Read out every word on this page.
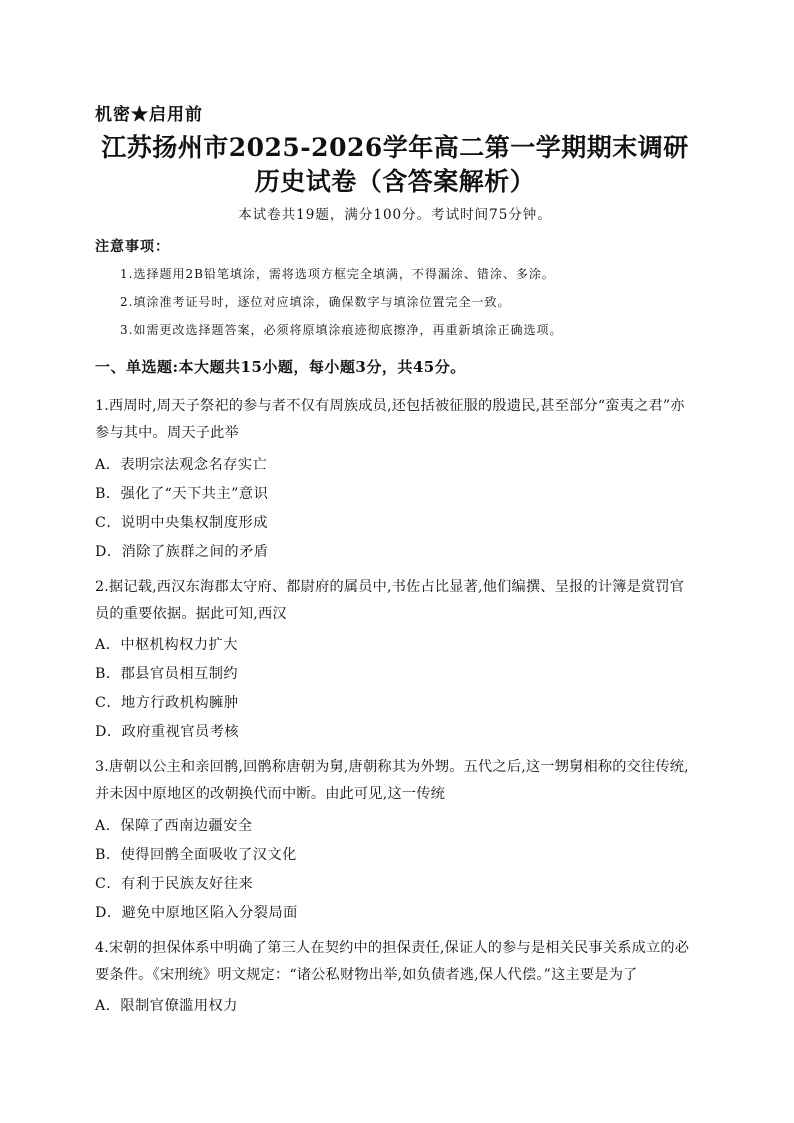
机密★启用前
江苏扬州市2025-2026学年高二第一学期期末调研历史试卷（含答案解析）
本试卷共19题，满分100分。考试时间75分钟。
注意事项：
1.选择题用2B铅笔填涂，需将选项方框完全填满，不得漏涂、错涂、多涂。
2.填涂准考证号时，逐位对应填涂，确保数字与填涂位置完全一致。
3.如需更改选择题答案，必须将原填涂痕迹彻底擦净，再重新填涂正确选项。
一、单选题:本大题共15小题，每小题3分，共45分。
1.西周时,周天子祭祀的参与者不仅有周族成员,还包括被征服的殷遗民,甚至部分“蛮夷之君”亦参与其中。周天子此举
A．表明宗法观念名存实亡
B．强化了“天下共主”意识
C．说明中央集权制度形成
D．消除了族群之间的矛盾
2.据记载,西汉东海郡太守府、都尉府的属员中,书佐占比显著,他们编撰、呈报的计簿是赏罚官员的重要依据。据此可知,西汉
A．中枢机构权力扩大
B．郡县官员相互制约
C．地方行政机构臃肿
D．政府重视官员考核
3.唐朝以公主和亲回鹘,回鹘称唐朝为舅,唐朝称其为外甥。五代之后,这一甥舅相称的交往传统,并未因中原地区的改朝换代而中断。由此可见,这一传统
A．保障了西南边疆安全
B．使得回鹘全面吸收了汉文化
C．有利于民族友好往来
D．避免中原地区陷入分裂局面
4.宋朝的担保体系中明确了第三人在契约中的担保责任,保证人的参与是相关民事关系成立的必要条件。《宋刑统》明文规定：“诸公私财物出举,如负债者逃,保人代偿。”这主要是为了
A．限制官僚滥用权力
